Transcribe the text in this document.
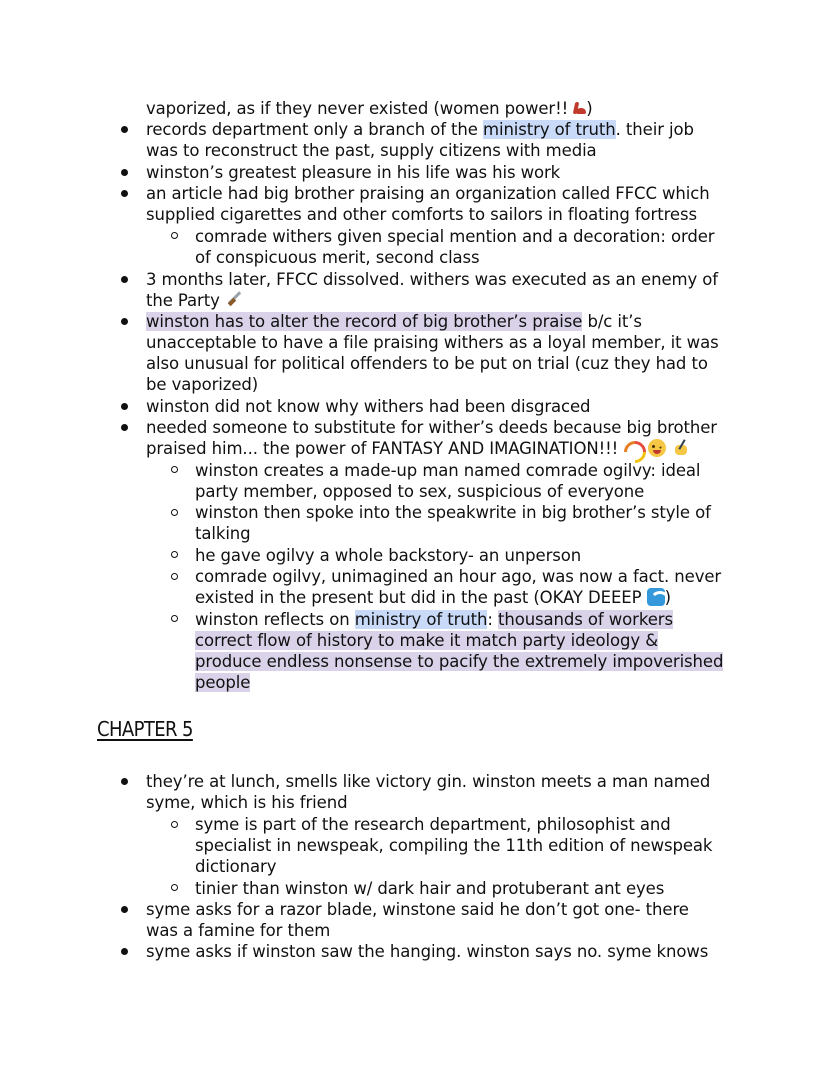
vaporized, as if they never existed (women power!! )
records department only a branch of the ministry of truth. their job
was to reconstruct the past, supply citizens with media
winston’s greatest pleasure in his life was his work
an article had big brother praising an organization called FFCC which
supplied cigarettes and other comforts to sailors in floating fortress
comrade withers given special mention and a decoration: order
of conspicuous merit, second class
3 months later, FFCC dissolved. withers was executed as an enemy of
the Party
winston has to alter the record of big brother’s praise b/c it’s
unacceptable to have a file praising withers as a loyal member, it was
also unusual for political offenders to be put on trial (cuz they had to
be vaporized)
winston did not know why withers had been disgraced
needed someone to substitute for wither’s deeds because big brother
praised him... the power of FANTASY AND IMAGINATION!!!
winston creates a made-up man named comrade ogilvy: ideal
party member, opposed to sex, suspicious of everyone
winston then spoke into the speakwrite in big brother’s style of
talking
he gave ogilvy a whole backstory- an unperson
comrade ogilvy, unimagined an hour ago, was now a fact. never
existed in the present but did in the past (OKAY DEEEP )
winston reflects on ministry of truth: thousands of workers
correct flow of history to make it match party ideology &
produce endless nonsense to pacify the extremely impoverished
people
CHAPTER 5
they’re at lunch, smells like victory gin. winston meets a man named
syme, which is his friend
syme is part of the research department, philosophist and
specialist in newspeak, compiling the 11th edition of newspeak
dictionary
tinier than winston w/ dark hair and protuberant ant eyes
syme asks for a razor blade, winstone said he don’t got one- there
was a famine for them
syme asks if winston saw the hanging. winston says no. syme knows
